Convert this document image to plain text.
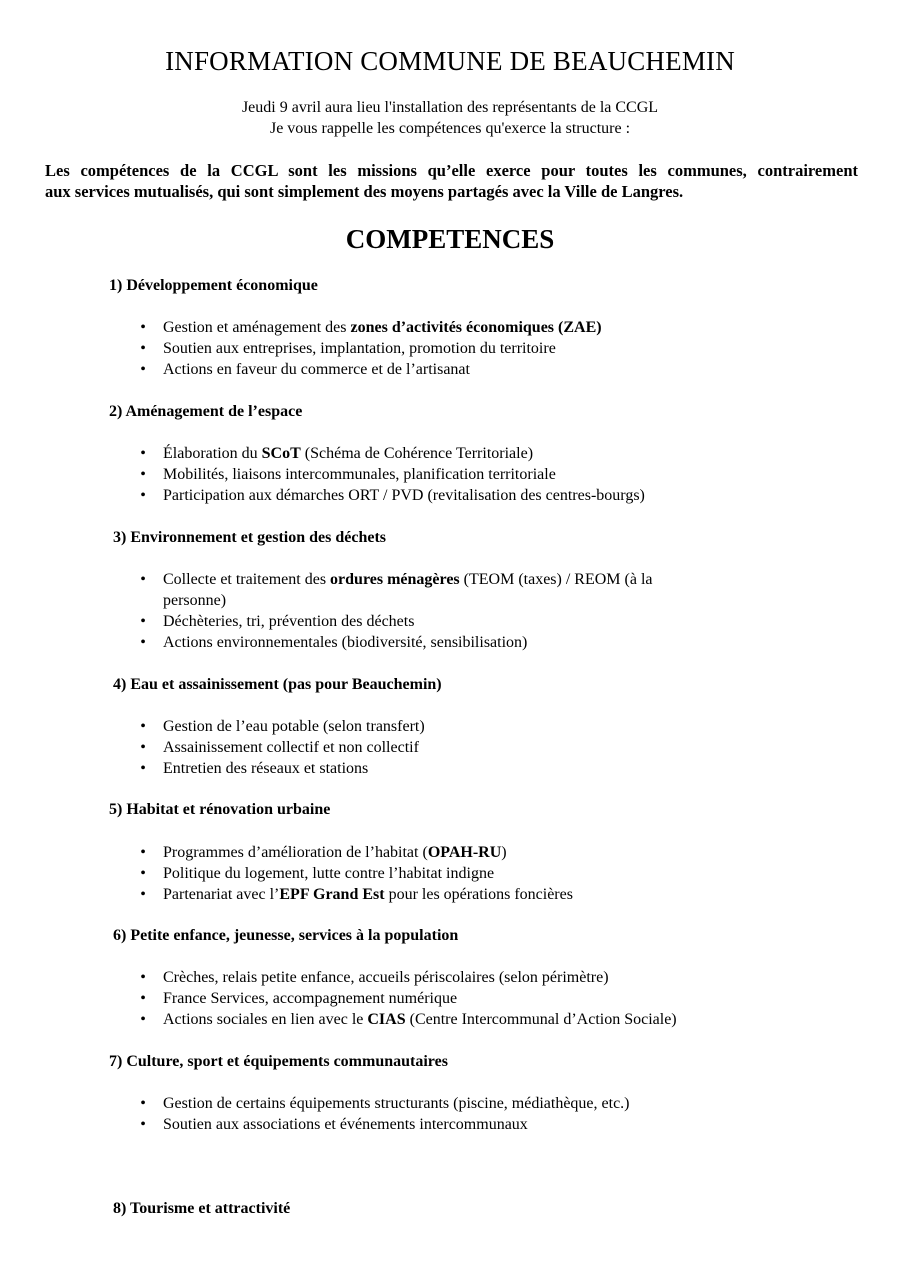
INFORMATION COMMUNE DE BEAUCHEMIN
Jeudi 9 avril aura lieu l'installation des représentants de la CCGL
Je vous rappelle les compétences qu'exerce la structure :
Les compétences de la CCGL sont les missions qu’elle exerce pour toutes les communes, contrairement
aux services mutualisés, qui sont simplement des moyens partagés avec la Ville de Langres.
COMPETENCES
1) Développement économique
• Gestion et aménagement des zones d’activités économiques (ZAE)
• Soutien aux entreprises, implantation, promotion du territoire
• Actions en faveur du commerce et de l’artisanat
2) Aménagement de l’espace
• Élaboration du SCoT (Schéma de Cohérence Territoriale)
• Mobilités, liaisons intercommunales, planification territoriale
• Participation aux démarches ORT / PVD (revitalisation des centres-bourgs)
3) Environnement et gestion des déchets
• Collecte et traitement des ordures ménagères (TEOM (taxes) / REOM (à la personne)
• Déchèteries, tri, prévention des déchets
• Actions environnementales (biodiversité, sensibilisation)
4) Eau et assainissement (pas pour Beauchemin)
• Gestion de l’eau potable (selon transfert)
• Assainissement collectif et non collectif
• Entretien des réseaux et stations
5) Habitat et rénovation urbaine
• Programmes d’amélioration de l’habitat (OPAH-RU)
• Politique du logement, lutte contre l’habitat indigne
• Partenariat avec l’EPF Grand Est pour les opérations foncières
6) Petite enfance, jeunesse, services à la population
• Crèches, relais petite enfance, accueils périscolaires (selon périmètre)
• France Services, accompagnement numérique
• Actions sociales en lien avec le CIAS (Centre Intercommunal d’Action Sociale)
7) Culture, sport et équipements communautaires
• Gestion de certains équipements structurants (piscine, médiathèque, etc.)
• Soutien aux associations et événements intercommunaux
8) Tourisme et attractivité
